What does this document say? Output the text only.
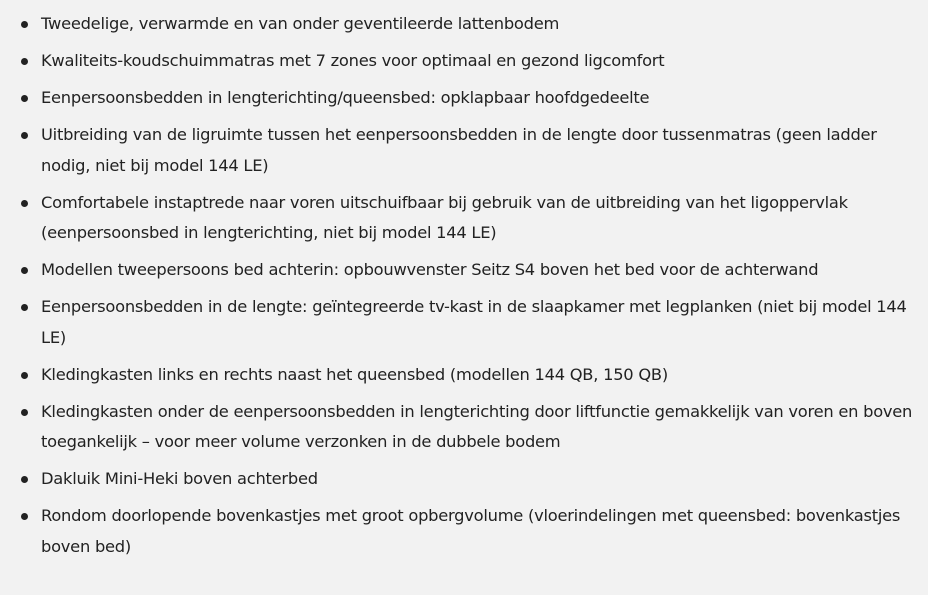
Tweedelige, verwarmde en van onder geventileerde lattenbodem
Kwaliteits-koudschuimmatras met 7 zones voor optimaal en gezond ligcomfort
Eenpersoonsbedden in lengterichting/queensbed: opklapbaar hoofdgedeelte
Uitbreiding van de ligruimte tussen het eenpersoonsbedden in de lengte door tussenmatras (geen ladder nodig, niet bij model 144 LE)
Comfortabele instaptrede naar voren uitschuifbaar bij gebruik van de uitbreiding van het ligoppervlak (eenpersoonsbed in lengterichting, niet bij model 144 LE)
Modellen tweepersoons bed achterin: opbouwvenster Seitz S4 boven het bed voor de achterwand
Eenpersoonsbedden in de lengte: geïntegreerde tv-kast in de slaapkamer met legplanken (niet bij model 144 LE)
Kledingkasten links en rechts naast het queensbed (modellen 144 QB, 150 QB)
Kledingkasten onder de eenpersoonsbedden in lengterichting door liftfunctie gemakkelijk van voren en boven toegankelijk – voor meer volume verzonken in de dubbele bodem
Dakluik Mini-Heki boven achterbed
Rondom doorlopende bovenkastjes met groot opbergvolume (vloerindelingen met queensbed: bovenkastjes boven bed)
